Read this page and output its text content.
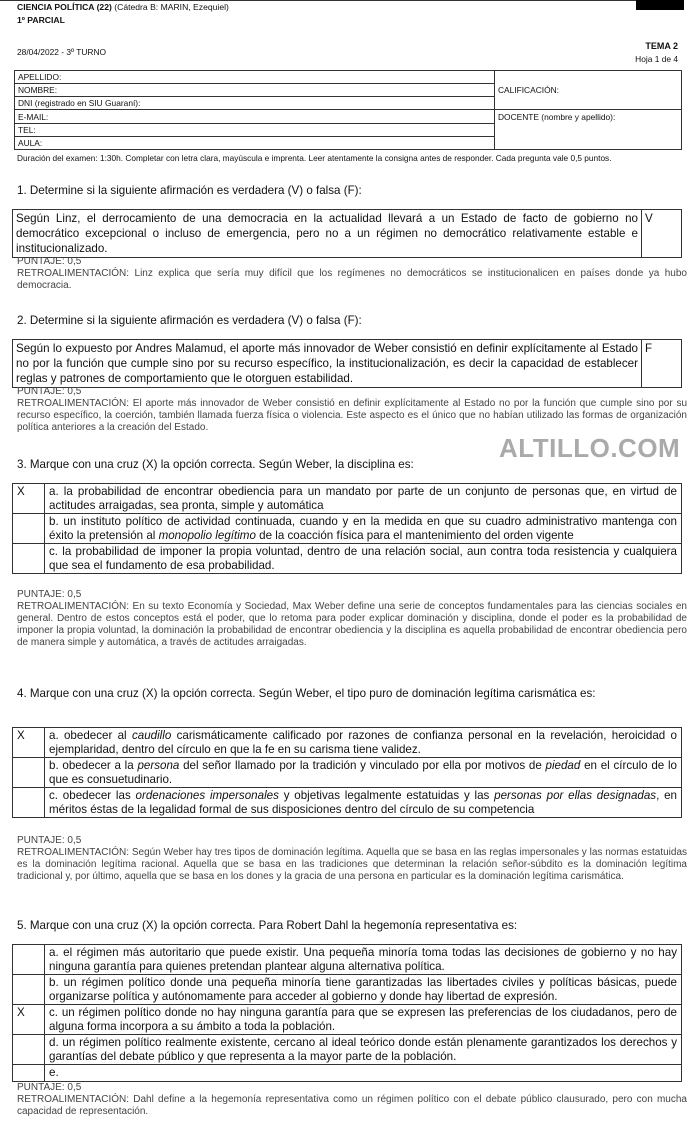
CIENCIA POLÍTICA (22) (Cátedra B: MARIN, Ezequiel)
1º PARCIAL
28/04/2022 - 3º TURNO
TEMA 2
Hoja 1 de 4
APELLIDO:	CALIFICACIÓN:
NOMBRE:	
DNI (registrado en SIU Guaraní):	
E-MAIL:	DOCENTE (nombre y apellido):
TEL:	
AULA:	
Duración del examen: 1:30h. Completar con letra clara, mayúscula e imprenta. Leer atentamente la consigna antes de responder. Cada pregunta vale 0,5 puntos.
1. Determine si la siguiente afirmación es verdadera (V) o falsa (F):
Según Linz, el derrocamiento de una democracia en la actualidad llevará a un Estado de facto de gobierno no democrático excepcional o incluso de emergencia, pero no a un régimen no democrático relativamente estable e institucionalizado.	V
PUNTAJE: 0,5
RETROALIMENTACIÓN: Linz explica que sería muy difícil que los regímenes no democráticos se institucionalicen en países donde ya hubo democracia.
2. Determine si la siguiente afirmación es verdadera (V) o falsa (F):
Según lo expuesto por Andres Malamud, el aporte más innovador de Weber consistió en definir explícitamente al Estado no por la función que cumple sino por su recurso específico, la institucionalización, es decir la capacidad de establecer reglas y patrones de comportamiento que le otorguen estabilidad.	F
PUNTAJE: 0,5
RETROALIMENTACIÓN: El aporte más innovador de Weber consistió en definir explícitamente al Estado no por la función que cumple sino por su recurso específico, la coerción, también llamada fuerza física o violencia. Este aspecto es el único que no habían utilizado las formas de organización política anteriores a la creación del Estado.
ALTILLO.COM
3. Marque con una cruz (X) la opción correcta. Según Weber, la disciplina es:
X	a. la probabilidad de encontrar obediencia para un mandato por parte de un conjunto de personas que, en virtud de actitudes arraigadas, sea pronta, simple y automática
	b. un instituto político de actividad continuada, cuando y en la medida en que su cuadro administrativo mantenga con éxito la pretensión al monopolio legítimo de la coacción física para el mantenimiento del orden vigente
	c. la probabilidad de imponer la propia voluntad, dentro de una relación social, aun contra toda resistencia y cualquiera que sea el fundamento de esa probabilidad.
PUNTAJE: 0,5
RETROALIMENTACIÓN: En su texto Economía y Sociedad, Max Weber define una serie de conceptos fundamentales para las ciencias sociales en general. Dentro de estos conceptos está el poder, que lo retoma para poder explicar dominación y disciplina, donde el poder es la probabilidad de imponer la propia voluntad, la dominación la probabilidad de encontrar obediencia y la disciplina es aquella probabilidad de encontrar obediencia pero de manera simple y automática, a través de actitudes arraigadas.
4. Marque con una cruz (X) la opción correcta. Según Weber, el tipo puro de dominación legítima carismática es:
X	a. obedecer al caudillo carismáticamente calificado por razones de confianza personal en la revelación, heroicidad o ejemplaridad, dentro del círculo en que la fe en su carisma tiene validez.
	b. obedecer a la persona del señor llamado por la tradición y vinculado por ella por motivos de piedad en el círculo de lo que es consuetudinario.
	c. obedecer las ordenaciones impersonales y objetivas legalmente estatuidas y las personas por ellas designadas, en méritos éstas de la legalidad formal de sus disposiciones dentro del círculo de su competencia
PUNTAJE: 0,5
RETROALIMENTACIÓN: Según Weber hay tres tipos de dominación legítima. Aquella que se basa en las reglas impersonales y las normas estatuidas es la dominación legítima racional. Aquella que se basa en las tradiciones que determinan la relación señor-súbdito es la dominación legítima tradicional y, por último, aquella que se basa en los dones y la gracia de una persona en particular es la dominación legítima carismática.
5. Marque con una cruz (X) la opción correcta. Para Robert Dahl la hegemonía representativa es:
	a. el régimen más autoritario que puede existir. Una pequeña minoría toma todas las decisiones de gobierno y no hay ninguna garantía para quienes pretendan plantear alguna alternativa política.
	b. un régimen político donde una pequeña minoría tiene garantizadas las libertades civiles y políticas básicas, puede organizarse política y autónomamente para acceder al gobierno y donde hay libertad de expresión.
X	c. un régimen político donde no hay ninguna garantía para que se expresen las preferencias de los ciudadanos, pero de alguna forma incorpora a su ámbito a toda la población.
	d. un régimen político realmente existente, cercano al ideal teórico donde están plenamente garantizados los derechos y garantías del debate público y que representa a la mayor parte de la población.
	e.
PUNTAJE: 0,5
RETROALIMENTACIÓN: Dahl define a la hegemonía representativa como un régimen político con el debate público clausurado, pero con mucha capacidad de representación.
